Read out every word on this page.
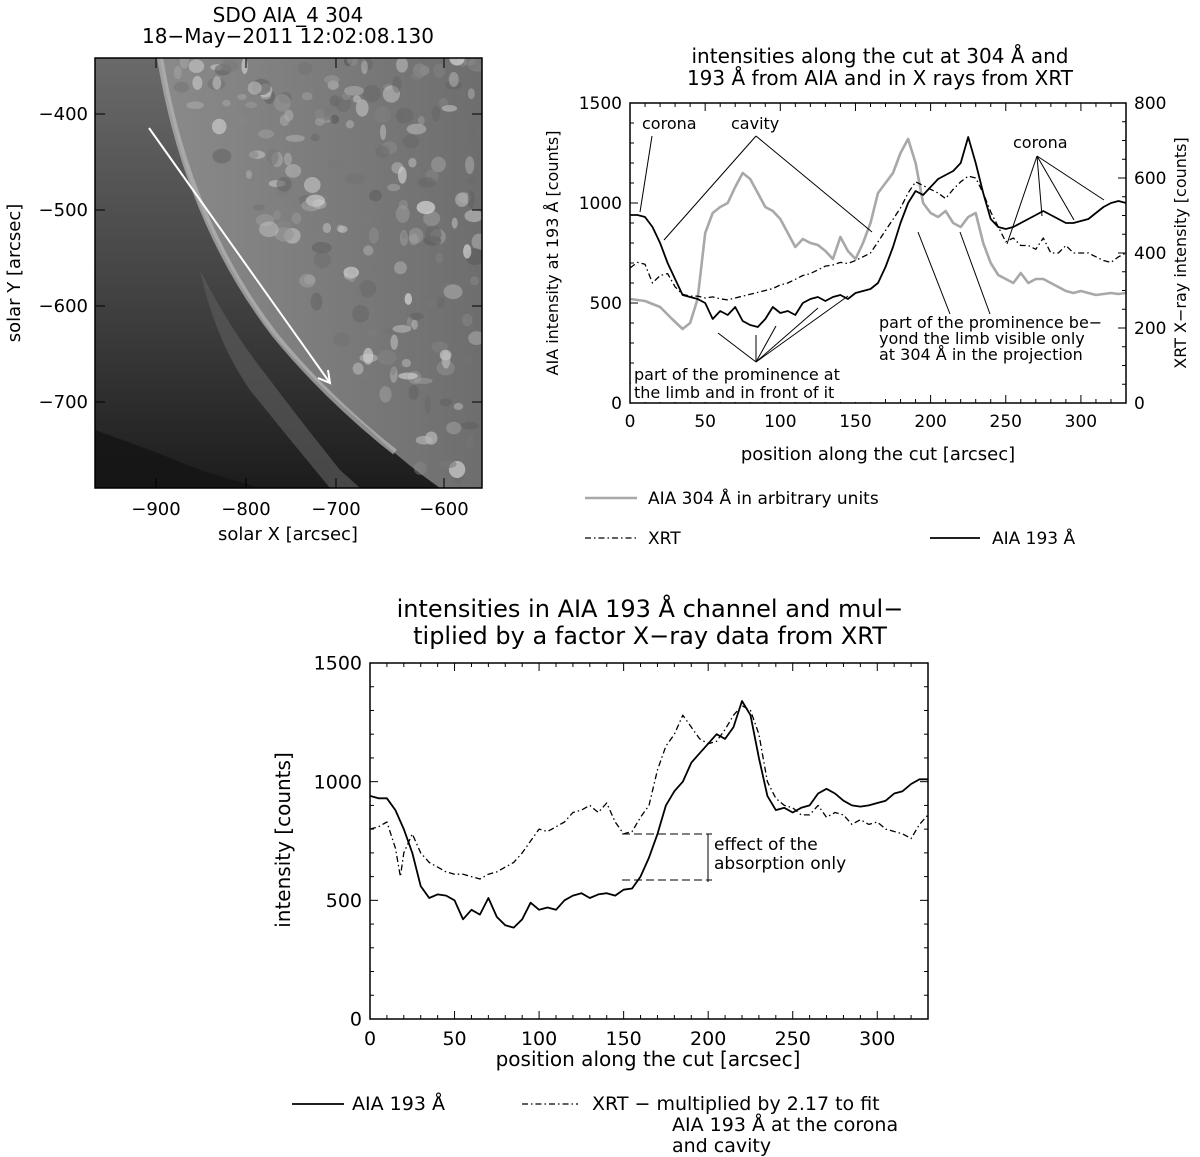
SDO AIA_4 304
18−May−2011 12:02:08.130
−900 −800 −700	−600
−400
−500
−600
−700
solar X [arcsec]
solar Y [arcsec]
intensities along the cut at 304 Å and
193 Å from AIA and in X rays from XRT
0	50	100	150	200	250	300
0
500
1000
1500
0
200
400
600
800
position along the cut [arcsec]
AIA intensity at 193 Å [counts]	XRT X−ray intensity [counts]
corona cavity
corona
part of the prominence at
the limb and in front of it
part of the prominence be−
yond the limb visible only
at 304 Å in the projection
AIA 304 Å in arbitrary units
XRT	AIA 193 Å
intensities in AIA 193 Å channel and mul−
tiplied by a factor X−ray data from XRT
0	50	100	150	200	250	300
0
500
1000
1500
position along the cut [arcsec]
intensity [counts]	effect of the
absorption only
AIA 193 Å	XRT − multiplied by 2.17 to fit AIA 193 Å at the corona and cavity
